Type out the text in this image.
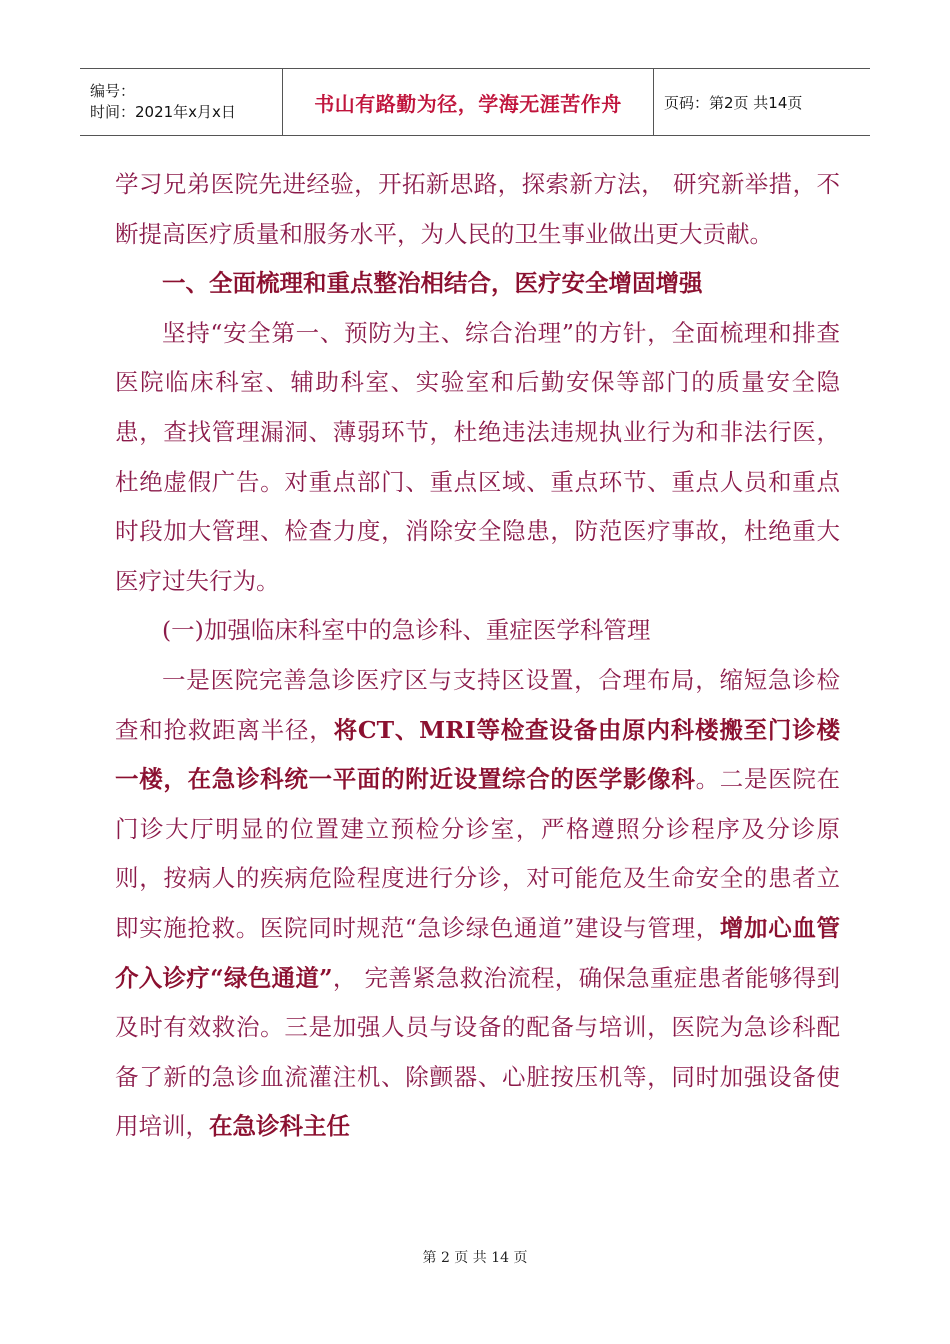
编号：
时间：2021年x月x日	书山有路勤为径，学海无涯苦作舟	页码：第2页 共14页

学习兄弟医院先进经验，开拓新思路，探索新方法， 研究新举措，不断提高医疗质量和服务水平，为人民的卫生事业做出更大贡献。

一、全面梳理和重点整治相结合，医疗安全增固增强

坚持“安全第一、预防为主、综合治理”的方针，全面梳理和排查医院临床科室、辅助科室、实验室和后勤安保等部门的质量安全隐患，查找管理漏洞、薄弱环节，杜绝违法违规执业行为和非法行医，杜绝虚假广告。对重点部门、重点区域、重点环节、重点人员和重点时段加大管理、检查力度，消除安全隐患，防范医疗事故，杜绝重大医疗过失行为。

(一)加强临床科室中的急诊科、重症医学科管理

一是医院完善急诊医疗区与支持区设置，合理布局，缩短急诊检查和抢救距离半径，将CT、MRI等检查设备由原内科楼搬至门诊楼一楼，在急诊科统一平面的附近设置综合的医学影像科。二是医院在门诊大厅明显的位置建立预检分诊室，严格遵照分诊程序及分诊原则，按病人的疾病危险程度进行分诊，对可能危及生命安全的患者立即实施抢救。医院同时规范“急诊绿色通道”建设与管理，增加心血管介入诊疗“绿色通道”， 完善紧急救治流程，确保急重症患者能够得到及时有效救治。三是加强人员与设备的配备与培训，医院为急诊科配备了新的急诊血流灌注机、除颤器、心脏按压机等，同时加强设备使用培训，在急诊科主任

第 2 页 共 14 页
